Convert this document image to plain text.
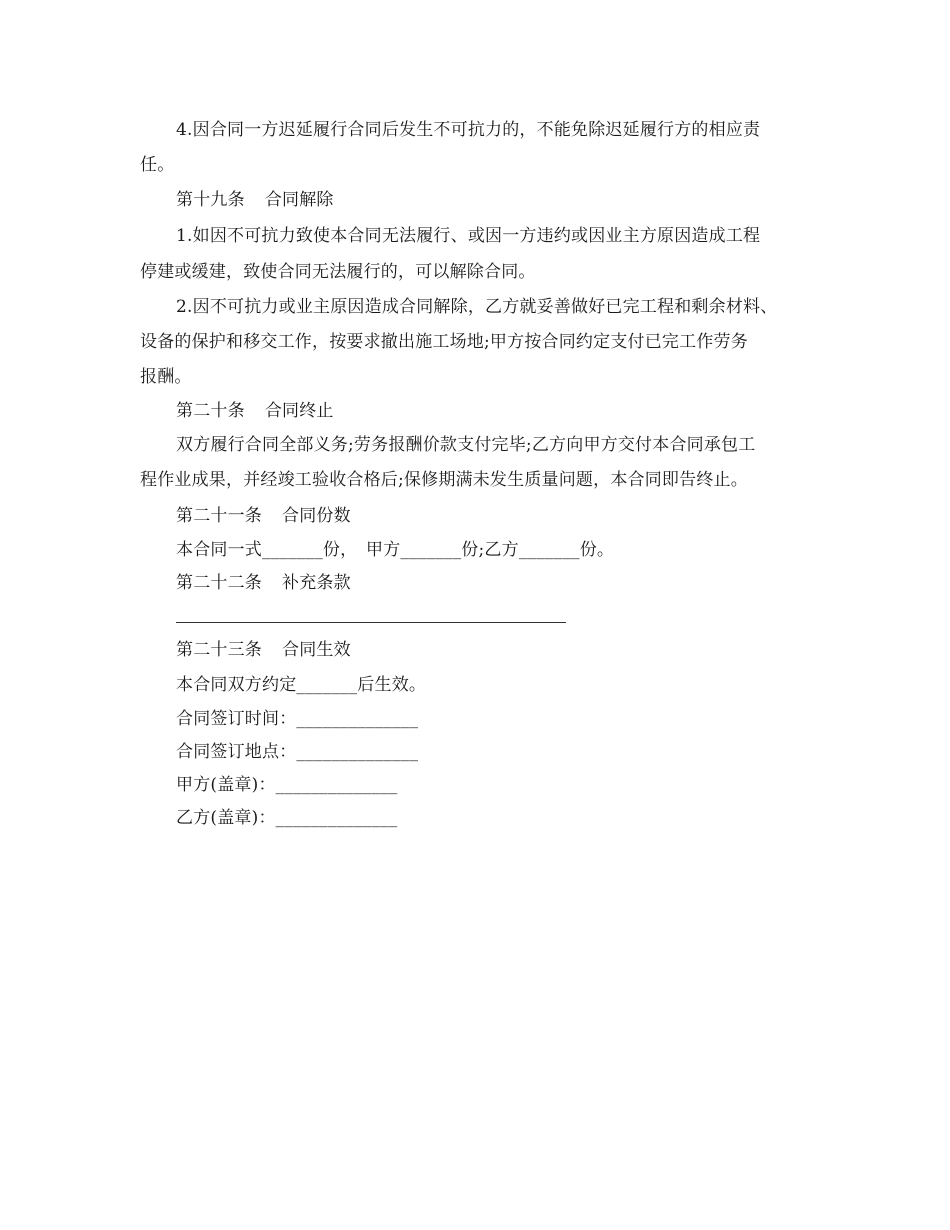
4.因合同一方迟延履行合同后发生不可抗力的，不能免除迟延履行方的相应责
任。
第十九条 合同解除
1.如因不可抗力致使本合同无法履行、或因一方违约或因业主方原因造成工程
停建或缓建，致使合同无法履行的，可以解除合同。
2.因不可抗力或业主原因造成合同解除，乙方就妥善做好已完工程和剩余材料、
设备的保护和移交工作，按要求撤出施工场地;甲方按合同约定支付已完工作劳务
报酬。
第二十条 合同终止
双方履行合同全部义务;劳务报酬价款支付完毕;乙方向甲方交付本合同承包工
程作业成果，并经竣工验收合格后;保修期满未发生质量问题，本合同即告终止。
第二十一条 合同份数
本合同一式_______份，　甲方_______份;乙方_______份。
第二十二条 补充条款
第二十三条 合同生效
本合同双方约定_______后生效。
合同签订时间：______________
合同签订地点：______________
甲方(盖章)：______________
乙方(盖章)：______________
